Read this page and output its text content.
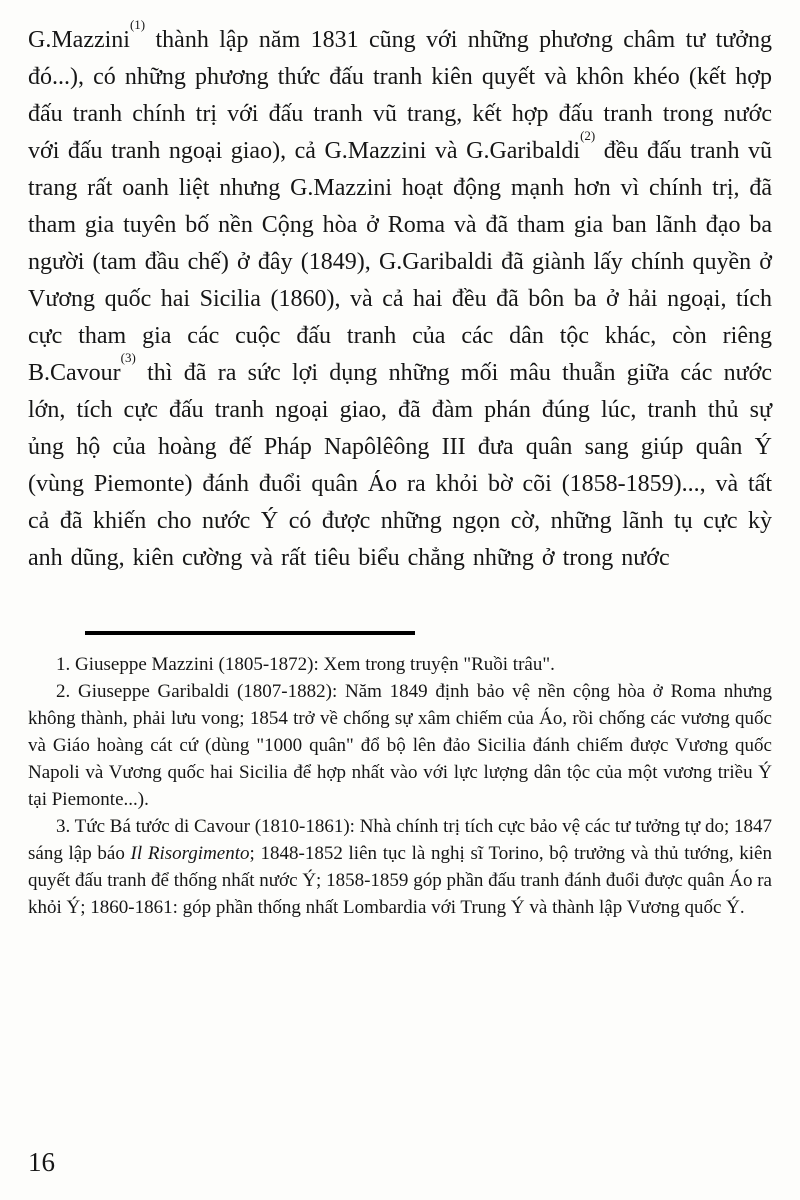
G.Mazzini$^{(1)}$ thành lập năm 1831 cũng với những phương châm tư tưởng đó...), có những phương thức đấu tranh kiên quyết và khôn khéo (kết hợp đấu tranh chính trị với đấu tranh vũ trang, kết hợp đấu tranh trong nước với đấu tranh ngoại giao), cả G.Mazzini và G.Garibaldi$^{(2)}$ đều đấu tranh vũ trang rất oanh liệt nhưng G.Mazzini hoạt động mạnh hơn vì chính trị, đã tham gia tuyên bố nền Cộng hòa ở Roma và đã tham gia ban lãnh đạo ba người (tam đầu chế) ở đây (1849), G.Garibaldi đã giành lấy chính quyền ở Vương quốc hai Sicilia (1860), và cả hai đều đã bôn ba ở hải ngoại, tích cực tham gia các cuộc đấu tranh của các dân tộc khác, còn riêng B.Cavour$^{(3)}$ thì đã ra sức lợi dụng những mối mâu thuẫn giữa các nước lớn, tích cực đấu tranh ngoại giao, đã đàm phán đúng lúc, tranh thủ sự ủng hộ của hoàng đế Pháp Napôlêông III đưa quân sang giúp quân Ý (vùng Piemonte) đánh đuổi quân Áo ra khỏi bờ cõi (1858-1859)..., và tất cả đã khiến cho nước Ý có được những ngọn cờ, những lãnh tụ cực kỳ anh dũng, kiên cường và rất tiêu biểu chẳng những ở trong nước

1. Giuseppe Mazzini (1805-1872): Xem trong truyện "Ruồi trâu".

2. Giuseppe Garibaldi (1807-1882): Năm 1849 định bảo vệ nền cộng hòa ở Roma nhưng không thành, phải lưu vong; 1854 trở về chống sự xâm chiếm của Áo, rồi chống các vương quốc và Giáo hoàng cát cứ (dùng "1000 quân" đổ bộ lên đảo Sicilia đánh chiếm được Vương quốc Napoli và Vương quốc hai Sicilia để hợp nhất vào với lực lượng dân tộc của một vương triều Ý tại Piemonte...).

3. Tức Bá tước di Cavour (1810-1861): Nhà chính trị tích cực bảo vệ các tư tưởng tự do; 1847 sáng lập báo Il Risorgimento; 1848-1852 liên tục là nghị sĩ Torino, bộ trưởng và thủ tướng, kiên quyết đấu tranh để thống nhất nước Ý; 1858-1859 góp phần đấu tranh đánh đuổi được quân Áo ra khỏi Ý; 1860-1861: góp phần thống nhất Lombardia với Trung Ý và thành lập Vương quốc Ý.

16
